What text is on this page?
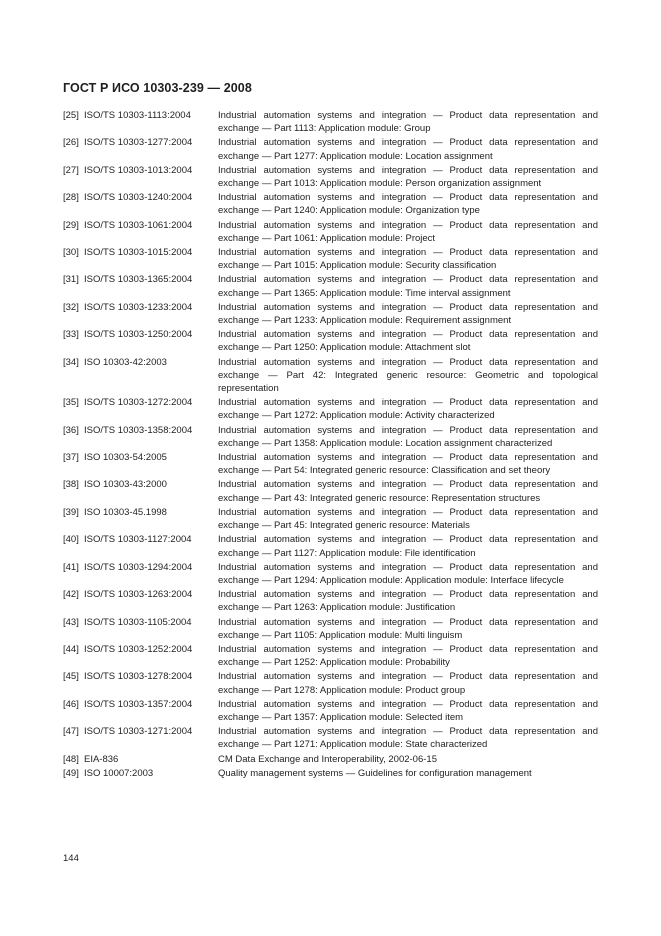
ГОСТ Р ИСО 10303-239 — 2008
[25] ISO/TS 10303-1113:2004	Industrial automation systems and integration — Product data representation and exchange — Part 1113: Application module: Group
[26] ISO/TS 10303-1277:2004	Industrial automation systems and integration — Product data representation and exchange — Part 1277: Application module: Location assignment
[27] ISO/TS 10303-1013:2004	Industrial automation systems and integration — Product data representation and exchange — Part 1013: Application module: Person organization assignment
[28] ISO/TS 10303-1240:2004	Industrial automation systems and integration — Product data representation and exchange — Part 1240: Application module: Organization type
[29] ISO/TS 10303-1061:2004	Industrial automation systems and integration — Product data representation and exchange — Part 1061: Application module: Project
[30] ISO/TS 10303-1015:2004	Industrial automation systems and integration — Product data representation and exchange — Part 1015: Application module: Security classification
[31] ISO/TS 10303-1365:2004	Industrial automation systems and integration — Product data representation and exchange — Part 1365: Application module: Time interval assignment
[32] ISO/TS 10303-1233:2004	Industrial automation systems and integration — Product data representation and exchange — Part 1233: Application module: Requirement assignment
[33] ISO/TS 10303-1250:2004	Industrial automation systems and integration — Product data representation and exchange — Part 1250: Application module: Attachment slot
[34] ISO 10303-42:2003	Industrial automation systems and integration — Product data representation and exchange — Part 42: Integrated generic resource: Geometric and topological representation
[35] ISO/TS 10303-1272:2004	Industrial automation systems and integration — Product data representation and exchange — Part 1272: Application module: Activity characterized
[36] ISO/TS 10303-1358:2004	Industrial automation systems and integration — Product data representation and exchange — Part 1358: Application module: Location assignment characterized
[37] ISO 10303-54:2005	Industrial automation systems and integration — Product data representation and exchange — Part 54: Integrated generic resource: Classification and set theory
[38] ISO 10303-43:2000	Industrial automation systems and integration — Product data representation and exchange — Part 43: Integrated generic resource: Representation structures
[39] ISO 10303-45.1998	Industrial automation systems and integration — Product data representation and exchange — Part 45: Integrated generic resource: Materials
[40] ISO/TS 10303-1127:2004	Industrial automation systems and integration — Product data representation and exchange — Part 1127: Application module: File identification
[41] ISO/TS 10303-1294:2004	Industrial automation systems and integration — Product data representation and exchange — Part 1294: Application module: Application module: Interface lifecycle
[42] ISO/TS 10303-1263:2004	Industrial automation systems and integration — Product data representation and exchange — Part 1263: Application module: Justification
[43] ISO/TS 10303-1105:2004	Industrial automation systems and integration — Product data representation and exchange — Part 1105: Application module: Multi linguism
[44] ISO/TS 10303-1252:2004	Industrial automation systems and integration — Product data representation and exchange — Part 1252: Application module: Probability
[45] ISO/TS 10303-1278:2004	Industrial automation systems and integration — Product data representation and exchange — Part 1278: Application module: Product group
[46] ISO/TS 10303-1357:2004	Industrial automation systems and integration — Product data representation and exchange — Part 1357: Application module: Selected item
[47] ISO/TS 10303-1271:2004	Industrial automation systems and integration — Product data representation and exchange — Part 1271: Application module: State characterized
[48] EIA-836	CM Data Exchange and Interoperability, 2002-06-15
[49] ISO 10007:2003	Quality management systems — Guidelines for configuration management
144
